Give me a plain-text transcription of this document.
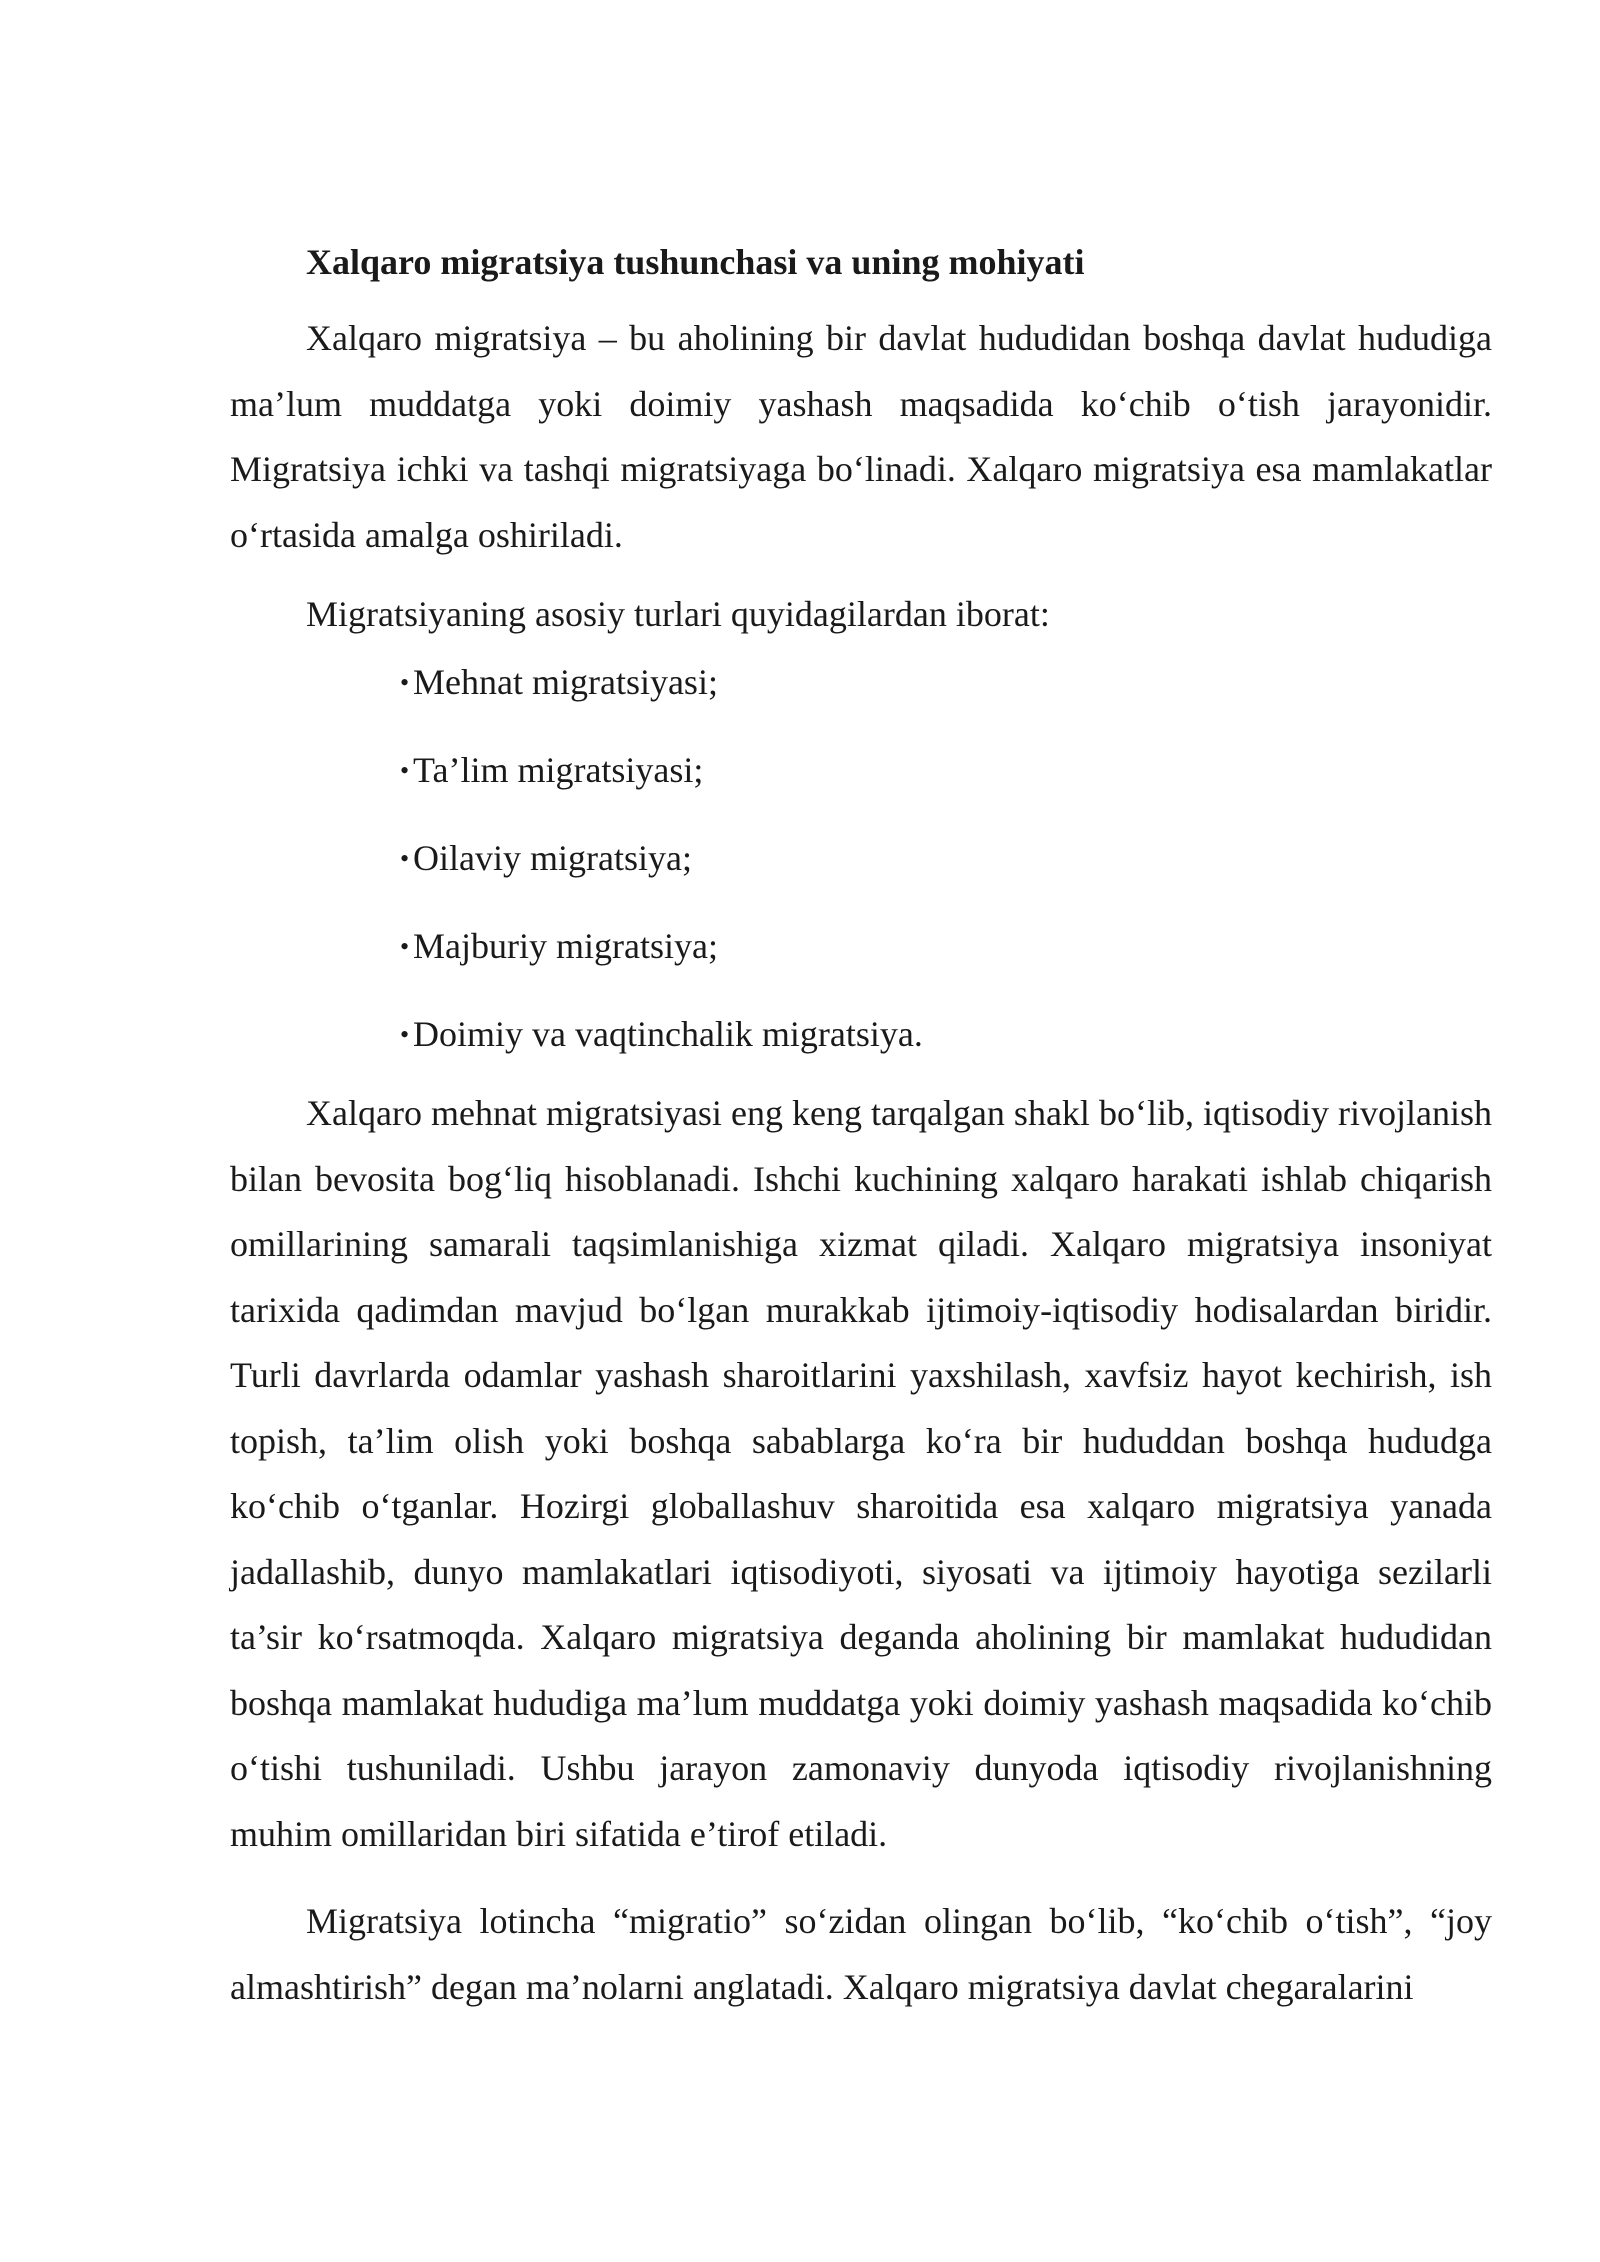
Xalqaro migratsiya tushunchasi va uning mohiyati

Xalqaro migratsiya – bu aholining bir davlat hududidan boshqa davlat hududiga ma’lum muddatga yoki doimiy yashash maqsadida ko‘chib o‘tish jarayonidir. Migratsiya ichki va tashqi migratsiyaga bo‘linadi. Xalqaro migratsiya esa mamlakatlar o‘rtasida amalga oshiriladi.

Migratsiyaning asosiy turlari quyidagilardan iborat:

• Mehnat migratsiyasi;
• Ta’lim migratsiyasi;
• Oilaviy migratsiya;
• Majburiy migratsiya;
• Doimiy va vaqtinchalik migratsiya.

Xalqaro mehnat migratsiyasi eng keng tarqalgan shakl bo‘lib, iqtisodiy rivojlanish bilan bevosita bog‘liq hisoblanadi. Ishchi kuchining xalqaro harakati ishlab chiqarish omillarining samarali taqsimlanishiga xizmat qiladi. Xalqaro migratsiya insoniyat tarixida qadimdan mavjud bo‘lgan murakkab ijtimoiy-iqtisodiy hodisalardan biridir. Turli davrlarda odamlar yashash sharoitlarini yaxshilash, xavfsiz hayot kechirish, ish topish, ta’lim olish yoki boshqa sabablarga ko‘ra bir hududdan boshqa hududga ko‘chib o‘tganlar. Hozirgi globallashuv sharoitida esa xalqaro migratsiya yanada jadallashib, dunyo mamlakatlari iqtisodiyoti, siyosati va ijtimoiy hayotiga sezilarli ta’sir ko‘rsatmoqda. Xalqaro migratsiya deganda aholining bir mamlakat hududidan boshqa mamlakat hududiga ma’lum muddatga yoki doimiy yashash maqsadida ko‘chib o‘tishi tushuniladi. Ushbu jarayon zamonaviy dunyoda iqtisodiy rivojlanishning muhim omillaridan biri sifatida e’tirof etiladi.

Migratsiya lotincha “migratio” so‘zidan olingan bo‘lib, “ko‘chib o‘tish”, “joy almashtirish” degan ma’nolarni anglatadi. Xalqaro migratsiya davlat chegaralarini
